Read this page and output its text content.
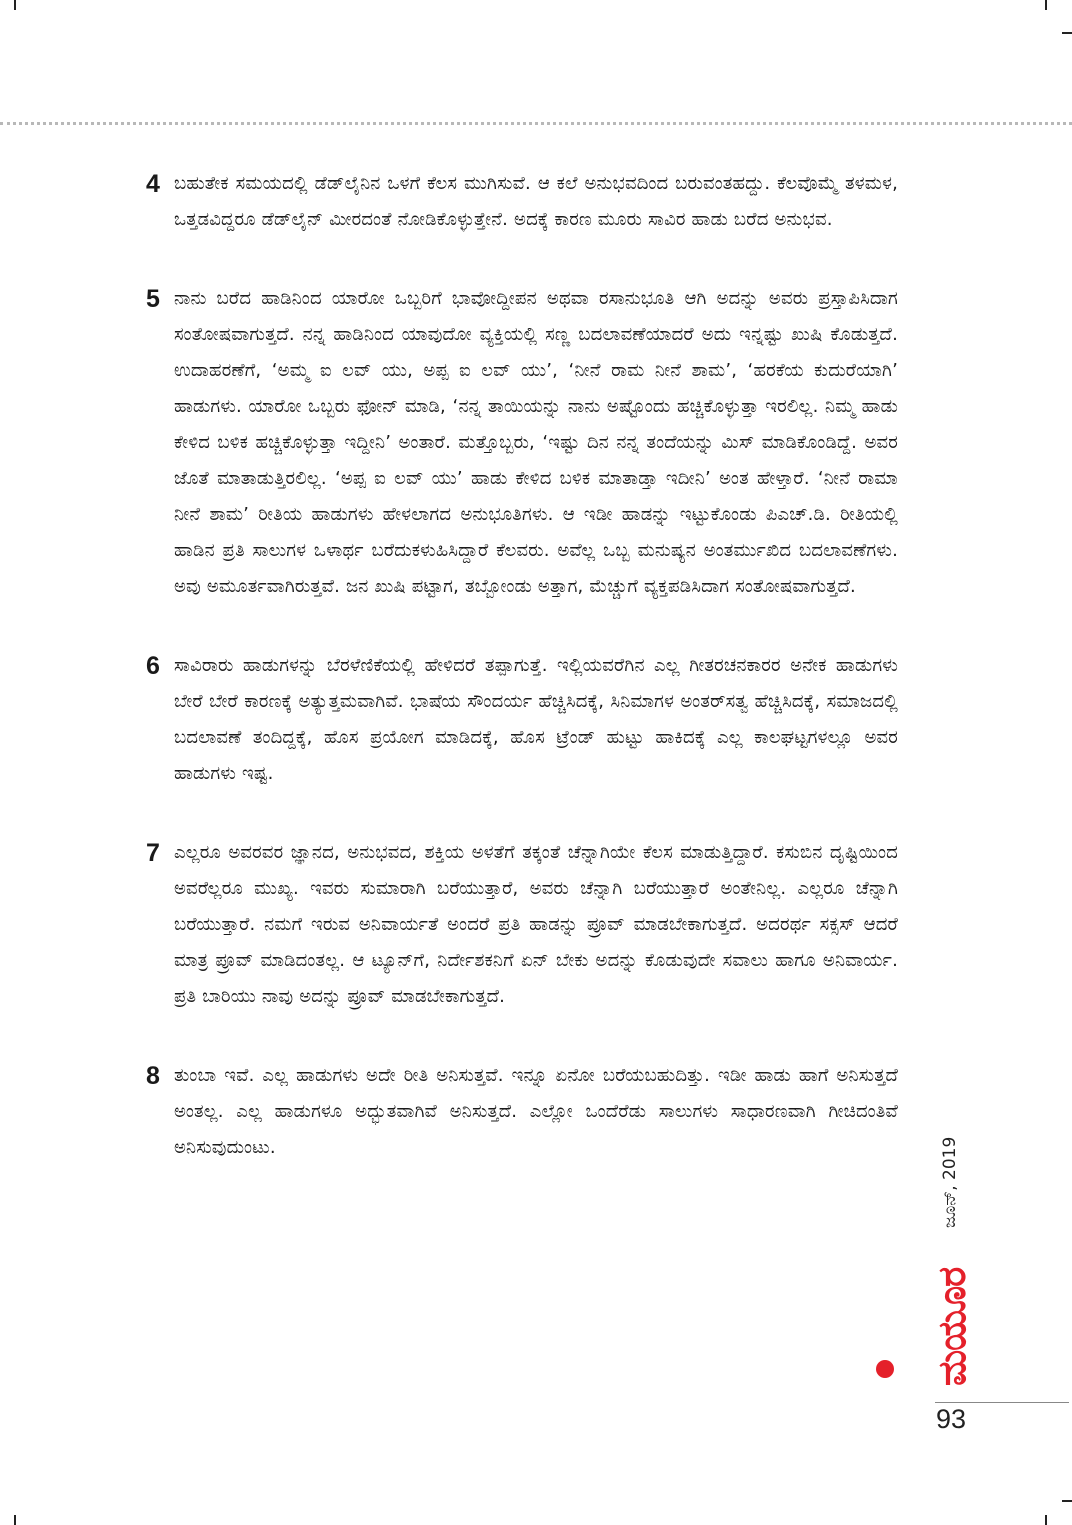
4 ಬಹುತೇಕ ಸಮಯದಲ್ಲಿ ಡೆಡ್‌ಲೈನಿನ ಒಳಗೆ ಕೆಲಸ ಮುಗಿಸುವೆ. ಆ ಕಲೆ ಅನುಭವದಿಂದ ಬರುವಂತಹದ್ದು. ಕೆಲವೊಮ್ಮೆ ತಳಮಳ, ಒತ್ತಡವಿದ್ದರೂ ಡೆಡ್‌ಲೈನ್ ಮೀರದಂತೆ ನೋಡಿಕೊಳ್ಳುತ್ತೇನೆ. ಅದಕ್ಕೆ ಕಾರಣ ಮೂರು ಸಾವಿರ ಹಾಡು ಬರೆದ ಅನುಭವ.

5 ನಾನು ಬರೆದ ಹಾಡಿನಿಂದ ಯಾರೋ ಒಬ್ಬರಿಗೆ ಭಾವೋದ್ದೀಪನ ಅಥವಾ ರಸಾನುಭೂತಿ ಆಗಿ ಅದನ್ನು ಅವರು ಪ್ರಸ್ತಾಪಿಸಿದಾಗ ಸಂತೋಷವಾಗುತ್ತದೆ. ನನ್ನ ಹಾಡಿನಿಂದ ಯಾವುದೋ ವ್ಯಕ್ತಿಯಲ್ಲಿ ಸಣ್ಣ ಬದಲಾವಣೆಯಾದರೆ ಅದು ಇನ್ನಷ್ಟು ಖುಷಿ ಕೊಡುತ್ತದೆ. ಉದಾಹರಣೆಗೆ, ‘ಅಮ್ಮ ಐ ಲವ್ ಯು, ಅಪ್ಪ ಐ ಲವ್ ಯು’, ‘ನೀನೆ ರಾಮ ನೀನೆ ಶಾಮ’, ‘ಹರಕೆಯ ಕುದುರೆಯಾಗಿ’ ಹಾಡುಗಳು. ಯಾರೋ ಒಬ್ಬರು ಫೋನ್ ಮಾಡಿ, ‘ನನ್ನ ತಾಯಿಯನ್ನು ನಾನು ಅಷ್ಟೊಂದು ಹಚ್ಚಿಕೊಳ್ಳುತ್ತಾ ಇರಲಿಲ್ಲ. ನಿಮ್ಮ ಹಾಡು ಕೇಳಿದ ಬಳಿಕ ಹಚ್ಚಿಕೊಳ್ಳುತ್ತಾ ಇದ್ದೀನಿ’ ಅಂತಾರೆ. ಮತ್ತೊಬ್ಬರು, ‘ಇಷ್ಟು ದಿನ ನನ್ನ ತಂದೆಯನ್ನು ಮಿಸ್ ಮಾಡಿಕೊಂಡಿದ್ದೆ. ಅವರ ಜೊತೆ ಮಾತಾಡುತ್ತಿರಲಿಲ್ಲ. ‘ಅಪ್ಪ ಐ ಲವ್ ಯು’ ಹಾಡು ಕೇಳಿದ ಬಳಿಕ ಮಾತಾಡ್ತಾ ಇದೀನಿ’ ಅಂತ ಹೇಳ್ತಾರೆ. ‘ನೀನೆ ರಾಮಾ ನೀನೆ ಶಾಮ’ ರೀತಿಯ ಹಾಡುಗಳು ಹೇಳಲಾಗದ ಅನುಭೂತಿಗಳು. ಆ ಇಡೀ ಹಾಡನ್ನು ಇಟ್ಟುಕೊಂಡು ಪಿಎಚ್.ಡಿ. ರೀತಿಯಲ್ಲಿ ಹಾಡಿನ ಪ್ರತಿ ಸಾಲುಗಳ ಒಳಾರ್ಥ ಬರೆದುಕಳುಹಿಸಿದ್ದಾರೆ ಕೆಲವರು. ಅವೆಲ್ಲ ಒಬ್ಬ ಮನುಷ್ಯನ ಅಂತರ್ಮುಖಿದ ಬದಲಾವಣೆಗಳು. ಅವು ಅಮೂರ್ತವಾಗಿರುತ್ತವೆ. ಜನ ಖುಷಿ ಪಟ್ಟಾಗ, ತಬ್ಬೋಂಡು ಅತ್ತಾಗ, ಮೆಚ್ಚುಗೆ ವ್ಯಕ್ತಪಡಿಸಿದಾಗ ಸಂತೋಷವಾಗುತ್ತದೆ.

6 ಸಾವಿರಾರು ಹಾಡುಗಳನ್ನು ಬೆರಳೆಣಿಕೆಯಲ್ಲಿ ಹೇಳಿದರೆ ತಪ್ಪಾಗುತ್ತೆ. ಇಲ್ಲಿಯವರೆಗಿನ ಎಲ್ಲ ಗೀತರಚನಕಾರರ ಅನೇಕ ಹಾಡುಗಳು ಬೇರೆ ಬೇರೆ ಕಾರಣಕ್ಕೆ ಅತ್ಯುತ್ತಮವಾಗಿವೆ. ಭಾಷೆಯ ಸೌಂದರ್ಯ ಹೆಚ್ಚಿಸಿದಕ್ಕೆ, ಸಿನಿಮಾಗಳ ಅಂತರ್‌ಸತ್ವ ಹೆಚ್ಚಿಸಿದಕ್ಕೆ, ಸಮಾಜದಲ್ಲಿ ಬದಲಾವಣೆ ತಂದಿದ್ದಕ್ಕೆ, ಹೊಸ ಪ್ರಯೋಗ ಮಾಡಿದಕ್ಕೆ, ಹೊಸ ಟ್ರೆಂಡ್ ಹುಟ್ಟು ಹಾಕಿದಕ್ಕೆ ಎಲ್ಲ ಕಾಲಘಟ್ಟಗಳಲ್ಲೂ ಅವರ ಹಾಡುಗಳು ಇಷ್ಟ.

7 ಎಲ್ಲರೂ ಅವರವರ ಜ್ಞಾನದ, ಅನುಭವದ, ಶಕ್ತಿಯ ಅಳತೆಗೆ ತಕ್ಕಂತೆ ಚೆನ್ನಾಗಿಯೇ ಕೆಲಸ ಮಾಡುತ್ತಿದ್ದಾರೆ. ಕಸುಬಿನ ದೃಷ್ಟಿಯಿಂದ ಅವರೆಲ್ಲರೂ ಮುಖ್ಯ. ಇವರು ಸುಮಾರಾಗಿ ಬರೆಯುತ್ತಾರೆ, ಅವರು ಚೆನ್ನಾಗಿ ಬರೆಯುತ್ತಾರೆ ಅಂತೇನಿಲ್ಲ. ಎಲ್ಲರೂ ಚೆನ್ನಾಗಿ ಬರೆಯುತ್ತಾರೆ. ನಮಗೆ ಇರುವ ಅನಿವಾರ್ಯತೆ ಅಂದರೆ ಪ್ರತಿ ಹಾಡನ್ನು ಪ್ರೂವ್ ಮಾಡಬೇಕಾಗುತ್ತದೆ. ಅದರರ್ಥ ಸಕ್ಸಸ್ ಆದರೆ ಮಾತ್ರ ಪ್ರೂವ್ ಮಾಡಿದಂತಲ್ಲ. ಆ ಟ್ಯೂನ್‌ಗೆ, ನಿರ್ದೇಶಕನಿಗೆ ಏನ್ ಬೇಕು ಅದನ್ನು ಕೊಡುವುದೇ ಸವಾಲು ಹಾಗೂ ಅನಿವಾರ್ಯ. ಪ್ರತಿ ಬಾರಿಯು ನಾವು ಅದನ್ನು ಪ್ರೂವ್ ಮಾಡಬೇಕಾಗುತ್ತದೆ.

8 ತುಂಬಾ ಇವೆ. ಎಲ್ಲ ಹಾಡುಗಳು ಅದೇ ರೀತಿ ಅನಿಸುತ್ತವೆ. ಇನ್ನೂ ಏನೋ ಬರೆಯಬಹುದಿತ್ತು. ಇಡೀ ಹಾಡು ಹಾಗೆ ಅನಿಸುತ್ತದೆ ಅಂತಲ್ಲ. ಎಲ್ಲ ಹಾಡುಗಳೂ ಅದ್ಭುತವಾಗಿವೆ ಅನಿಸುತ್ತದೆ. ಎಲ್ಲೋ ಒಂದೆರೆಡು ಸಾಲುಗಳು ಸಾಧಾರಣವಾಗಿ ಗೀಚಿದಂತಿವೆ ಅನಿಸುವುದುಂಟು.	ಜೂನ್, 2019
ಮಯೂರ
93
